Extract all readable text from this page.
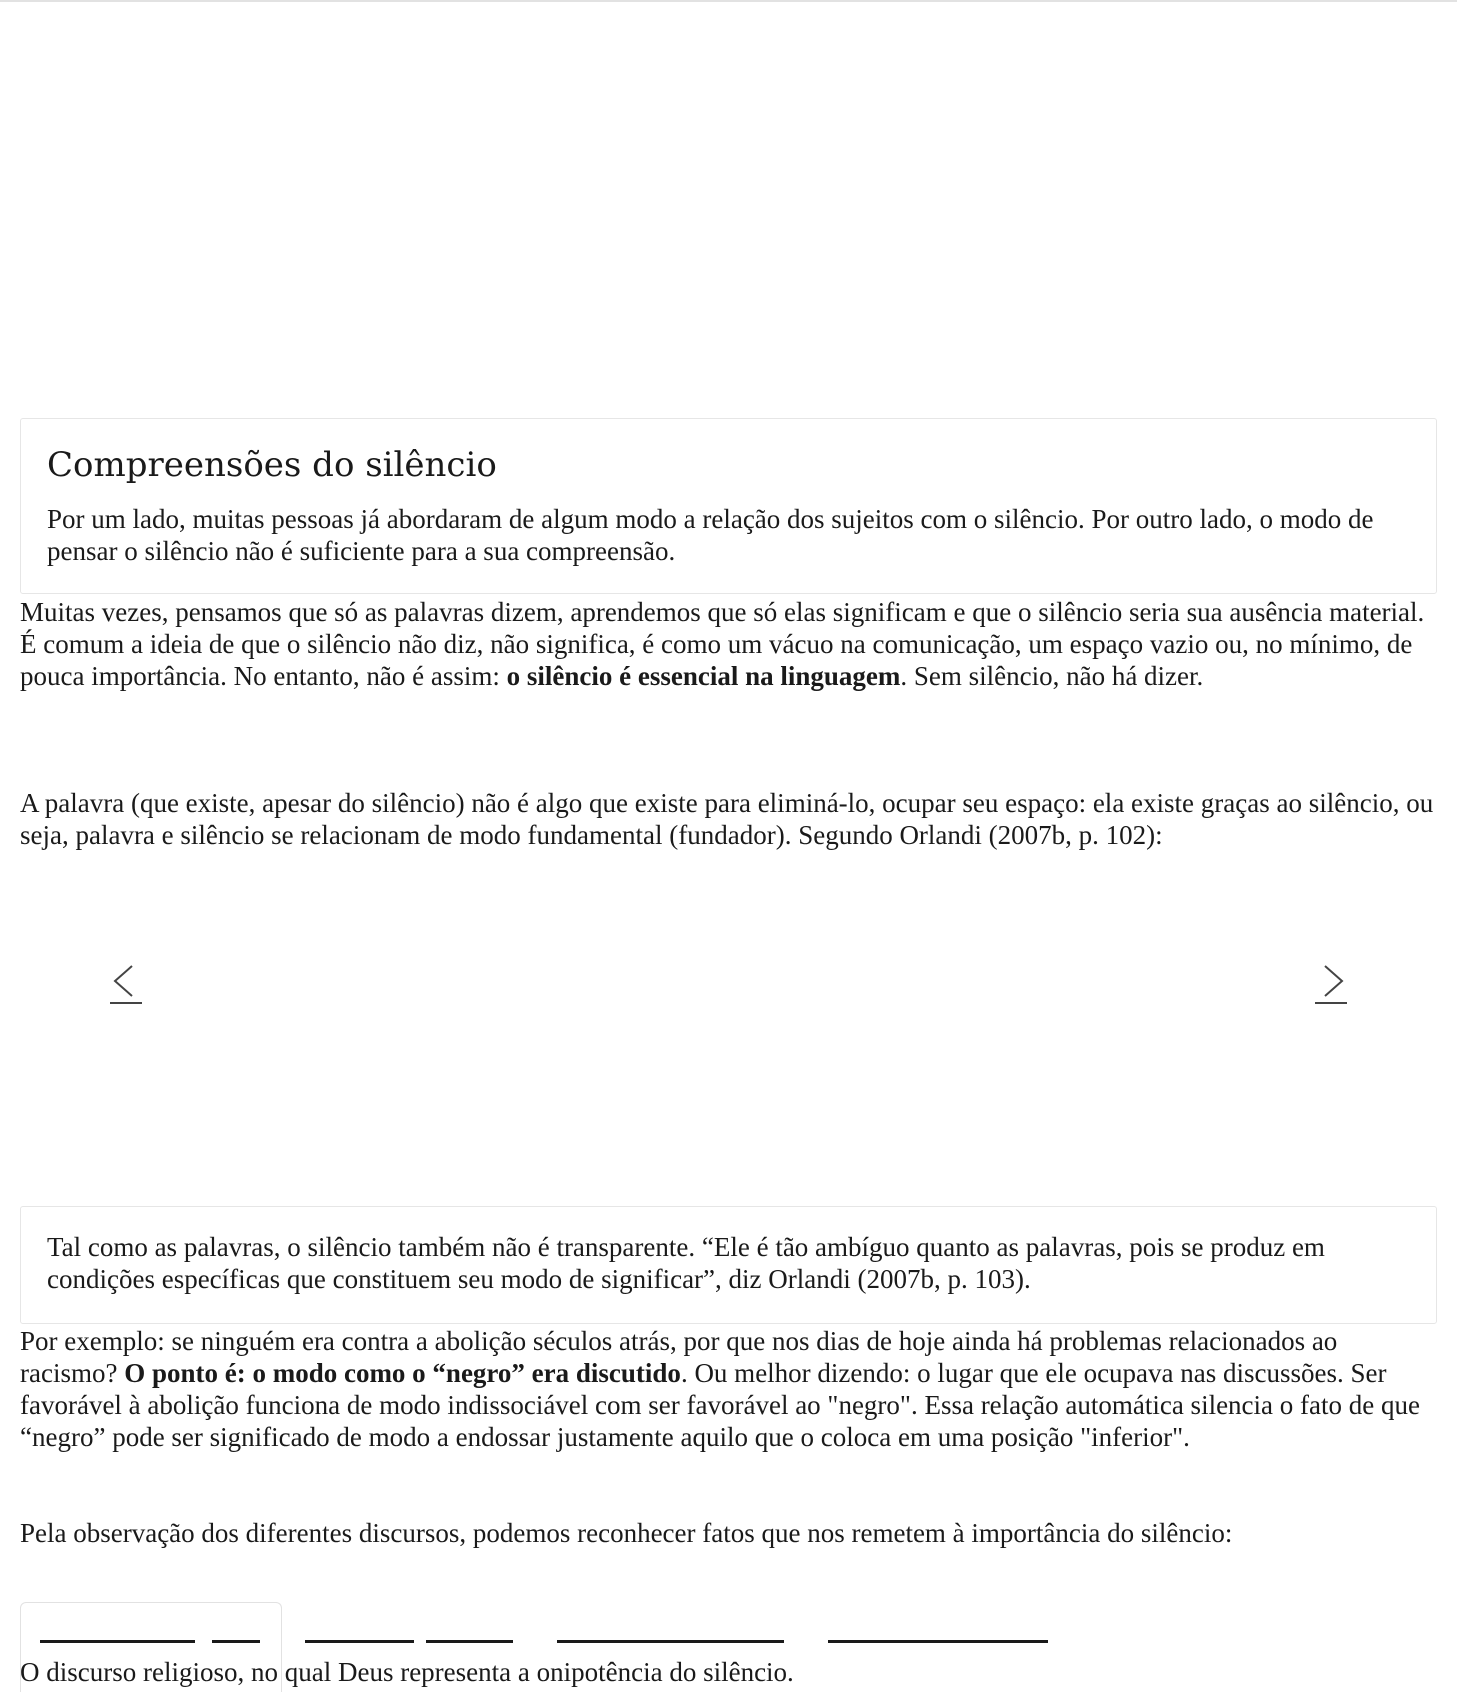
Compreensões do silêncio

Por um lado, muitas pessoas já abordaram de algum modo a relação dos sujeitos com o silêncio. Por outro lado, o modo de pensar o silêncio não é suficiente para a sua compreensão.

Muitas vezes, pensamos que só as palavras dizem, aprendemos que só elas significam e que o silêncio seria sua ausência material. É comum a ideia de que o silêncio não diz, não significa, é como um vácuo na comunicação, um espaço vazio ou, no mínimo, de pouca importância. No entanto, não é assim: o silêncio é essencial na linguagem. Sem silêncio, não há dizer.

A palavra (que existe, apesar do silêncio) não é algo que existe para eliminá-lo, ocupar seu espaço: ela existe graças ao silêncio, ou seja, palavra e silêncio se relacionam de modo fundamental (fundador). Segundo Orlandi (2007b, p. 102):

Tal como as palavras, o silêncio também não é transparente. “Ele é tão ambíguo quanto as palavras, pois se produz em condições específicas que constituem seu modo de significar”, diz Orlandi (2007b, p. 103).

Por exemplo: se ninguém era contra a abolição séculos atrás, por que nos dias de hoje ainda há problemas relacionados ao racismo? O ponto é: o modo como o “negro” era discutido. Ou melhor dizendo: o lugar que ele ocupava nas discussões. Ser favorável à abolição funciona de modo indissociável com ser favorável ao "negro". Essa relação automática silencia o fato de que “negro” pode ser significado de modo a endossar justamente aquilo que o coloca em uma posição "inferior".

Pela observação dos diferentes discursos, podemos reconhecer fatos que nos remetem à importância do silêncio:

O discurso religioso, no qual Deus representa a onipotência do silêncio.
